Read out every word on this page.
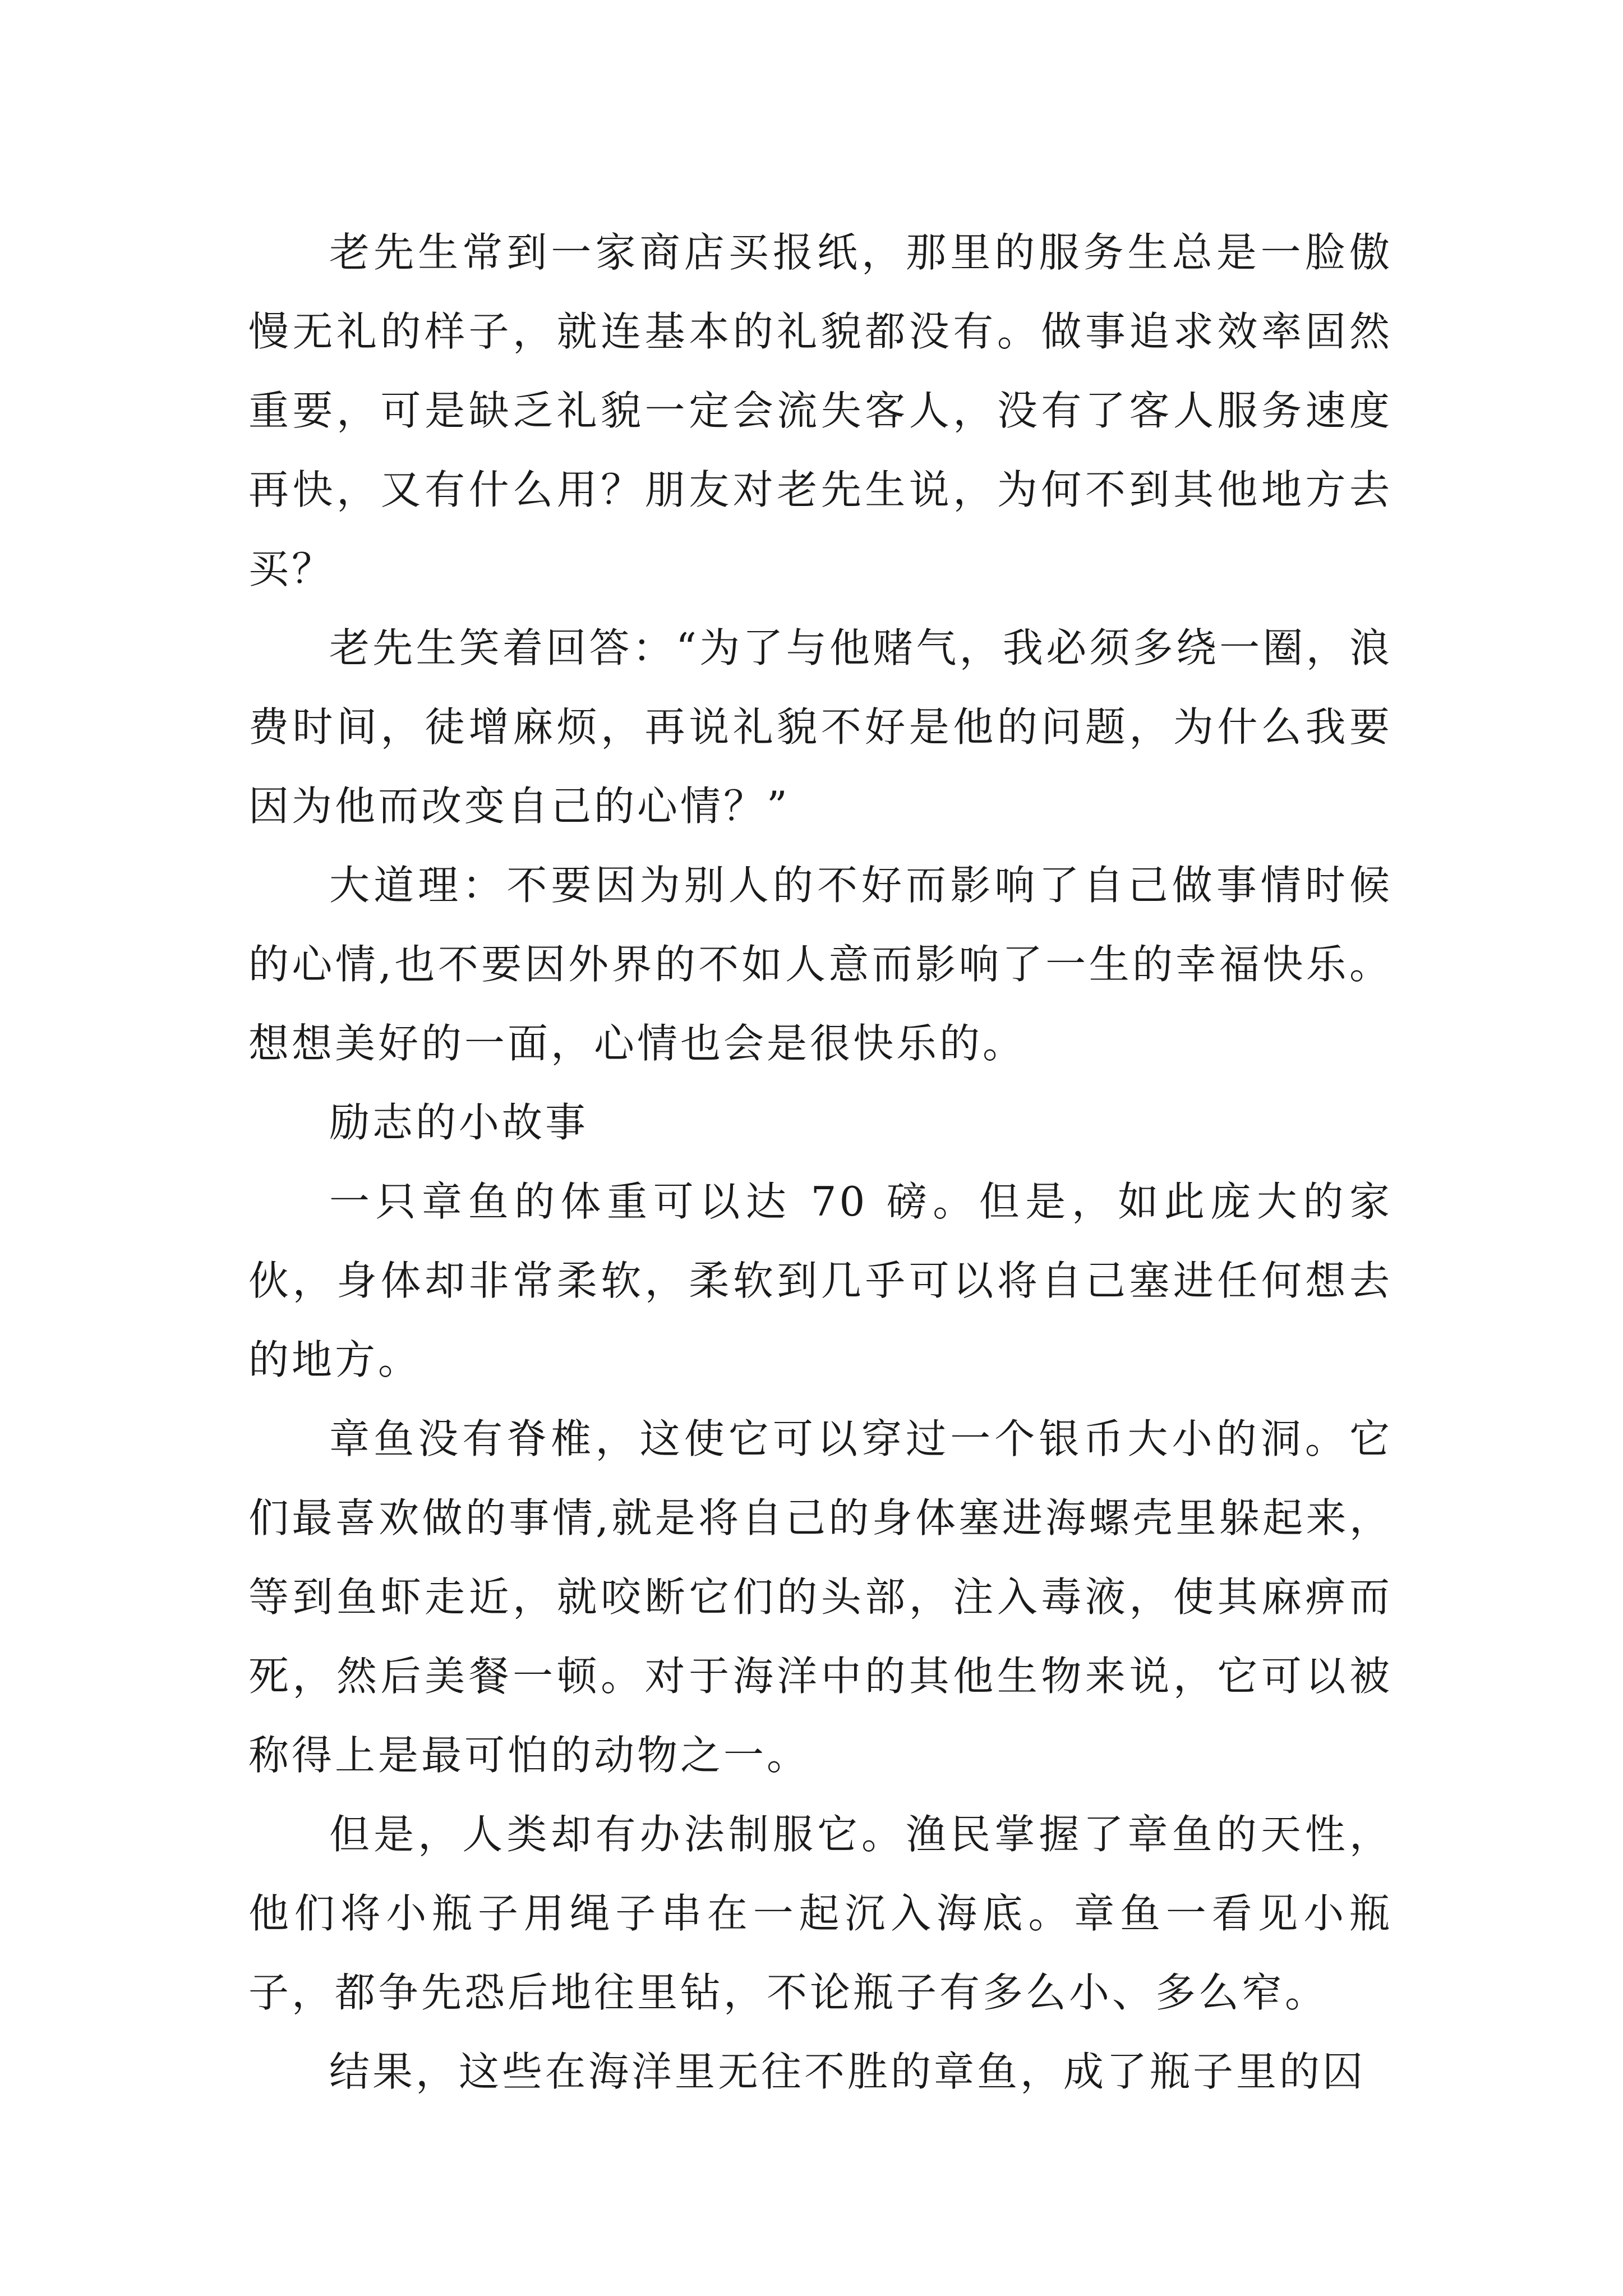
老先生常到一家商店买报纸，那里的服务生总是一脸傲慢无礼的样子，就连基本的礼貌都没有。做事追求效率固然重要，可是缺乏礼貌一定会流失客人，没有了客人服务速度再快，又有什么用？朋友对老先生说，为何不到其他地方去买？

老先生笑着回答：“为了与他赌气，我必须多绕一圈，浪费时间，徒增麻烦，再说礼貌不好是他的问题，为什么我要因为他而改变自己的心情？”

大道理：不要因为别人的不好而影响了自己做事情时候的心情,也不要因外界的不如人意而影响了一生的幸福快乐。想想美好的一面，心情也会是很快乐的。

励志的小故事

一只章鱼的体重可以达 70 磅。但是，如此庞大的家伙，身体却非常柔软，柔软到几乎可以将自己塞进任何想去的地方。

章鱼没有脊椎，这使它可以穿过一个银币大小的洞。它们最喜欢做的事情,就是将自己的身体塞进海螺壳里躲起来，等到鱼虾走近，就咬断它们的头部，注入毒液，使其麻痹而死，然后美餐一顿。对于海洋中的其他生物来说，它可以被称得上是最可怕的动物之一。

但是，人类却有办法制服它。渔民掌握了章鱼的天性，他们将小瓶子用绳子串在一起沉入海底。章鱼一看见小瓶子，都争先恐后地往里钻，不论瓶子有多么小、多么窄。

结果，这些在海洋里无往不胜的章鱼，成了瓶子里的囚
